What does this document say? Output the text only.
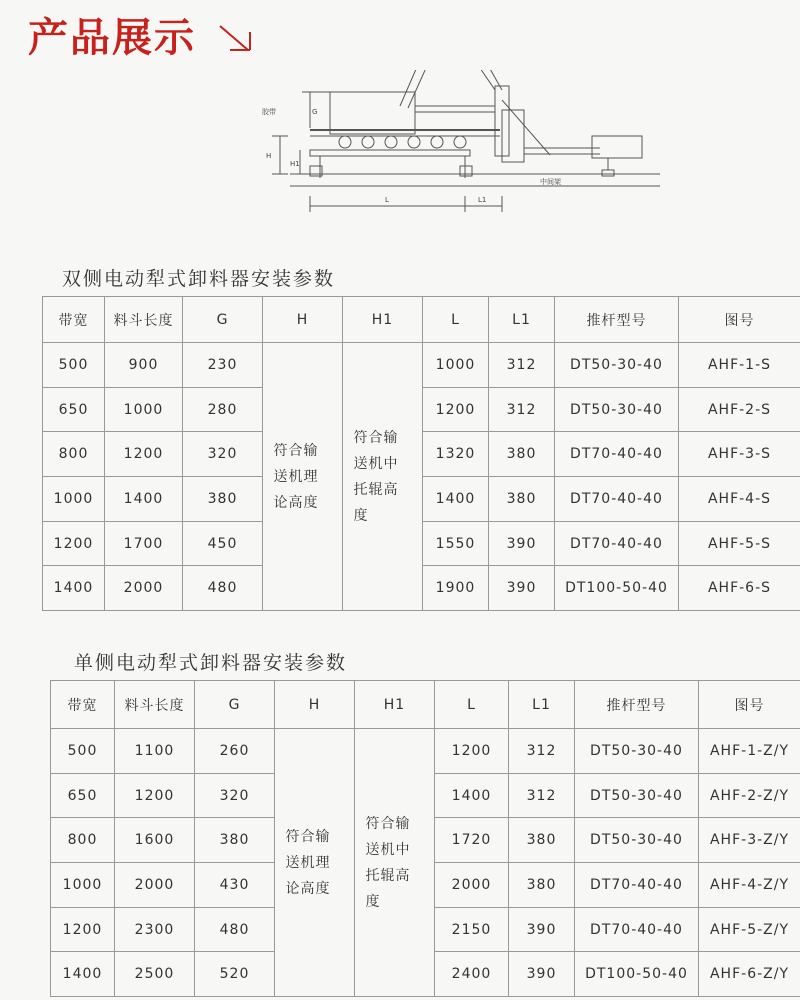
产品展示
胶带	G
H
H1
L	L1
中间架
双侧电动犁式卸料器安装参数
带宽	料斗长度	G	H	H1	L	L1	推杆型号	图号
500	900	230	符合输送机理论高度	符合输送机中托辊高度	1000	312	DT50-30-40	AHF-1-S
650	1000	280			1200	312	DT50-30-40	AHF-2-S
800	1200	320			1320	380	DT70-40-40	AHF-3-S
1000	1400	380			1400	380	DT70-40-40	AHF-4-S
1200	1700	450			1550	390	DT70-40-40	AHF-5-S
1400	2000	480			1900	390	DT100-50-40	AHF-6-S
单侧电动犁式卸料器安装参数
带宽	料斗长度	G	H	H1	L	L1	推杆型号	图号
500	1100	260	符合输送机理论高度	符合输送机中托辊高度	1200	312	DT50-30-40	AHF-1-Z/Y
650	1200	320			1400	312	DT50-30-40	AHF-2-Z/Y
800	1600	380			1720	380	DT50-30-40	AHF-3-Z/Y
1000	2000	430			2000	380	DT70-40-40	AHF-4-Z/Y
1200	2300	480			2150	390	DT70-40-40	AHF-5-Z/Y
1400	2500	520			2400	390	DT100-50-40	AHF-6-Z/Y
